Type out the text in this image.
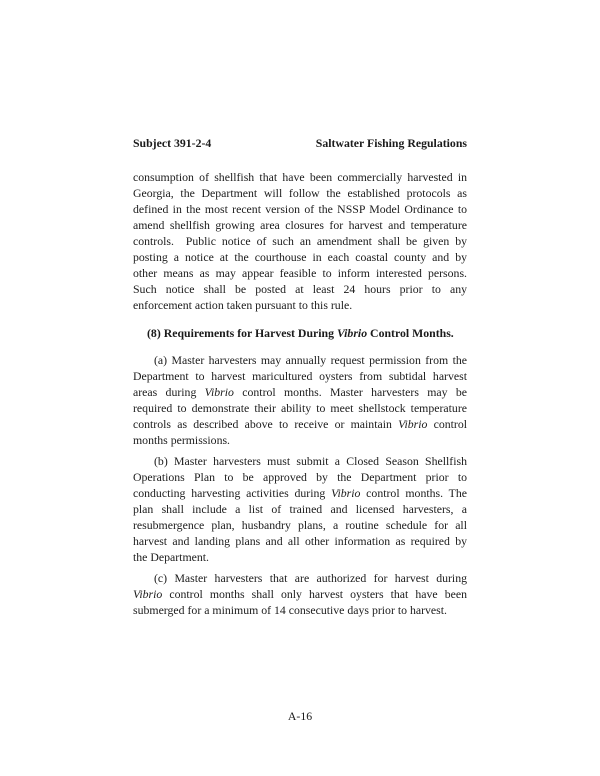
Subject 391-2-4	Saltwater Fishing Regulations
consumption of shellfish that have been commercially harvested in
Georgia, the Department will follow the established protocols as
defined in the most recent version of the NSSP Model Ordinance to
amend shellfish growing area closures for harvest and temperature
controls.  Public notice of such an amendment shall be given by
posting a notice at the courthouse in each coastal county and by
other means as may appear feasible to inform interested persons.
Such notice shall be posted at least 24 hours prior to any
enforcement action taken pursuant to this rule.
(8) Requirements for Harvest During Vibrio Control Months.
(a) Master harvesters may annually request permission from the
Department to harvest maricultured oysters from subtidal harvest
areas during Vibrio control months. Master harvesters may be
required to demonstrate their ability to meet shellstock temperature
controls as described above to receive or maintain Vibrio control
months permissions.
(b) Master harvesters must submit a Closed Season Shellfish
Operations Plan to be approved by the Department prior to
conducting harvesting activities during Vibrio control months. The
plan shall include a list of trained and licensed harvesters, a
resubmergence plan, husbandry plans, a routine schedule for all
harvest and landing plans and all other information as required by
the Department.
(c) Master harvesters that are authorized for harvest during
Vibrio control months shall only harvest oysters that have been
submerged for a minimum of 14 consecutive days prior to harvest.
A-16
